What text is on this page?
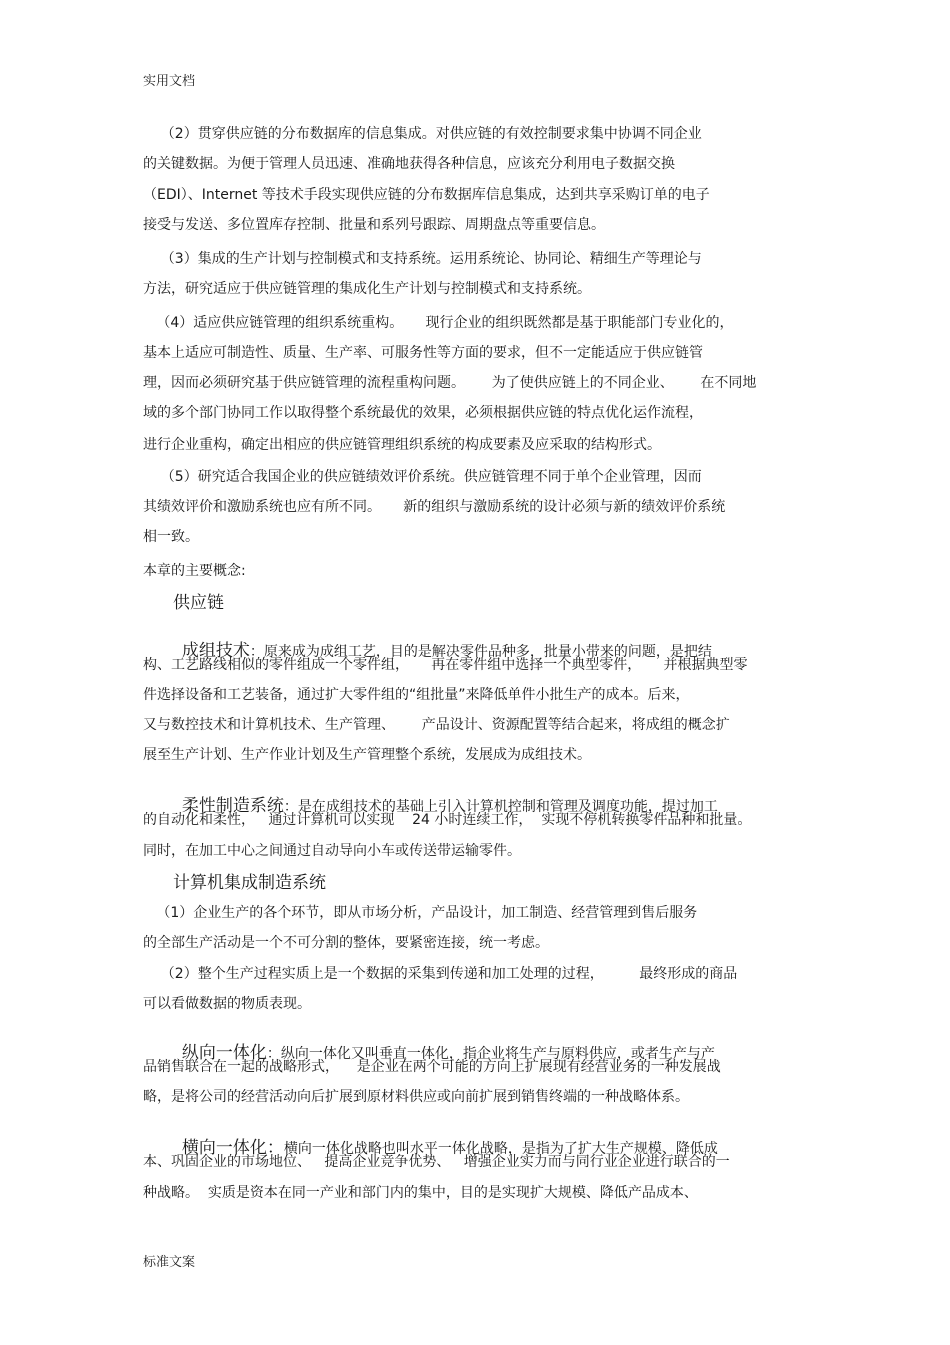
实用文档
（2）贯穿供应链的分布数据库的信息集成。对供应链的有效控制要求集中协调不同企业
的关键数据。为便于管理人员迅速、准确地获得各种信息，应该充分利用电子数据交换
（EDI）、Internet 等技术手段实现供应链的分布数据库信息集成，达到共享采购订单的电子
接受与发送、多位置库存控制、批量和系列号跟踪、周期盘点等重要信息。
（3）集成的生产计划与控制模式和支持系统。运用系统论、协同论、精细生产等理论与
方法，研究适应于供应链管理的集成化生产计划与控制模式和支持系统。
（4）适应供应链管理的组织系统重构。     现行企业的组织既然都是基于职能部门专业化的，
基本上适应可制造性、质量、生产率、可服务性等方面的要求，但不一定能适应于供应链管
理，因而必须研究基于供应链管理的流程重构问题。      为了使供应链上的不同企业、      在不同地
域的多个部门协同工作以取得整个系统最优的效果，必须根据供应链的特点优化运作流程，
进行企业重构，确定出相应的供应链管理组织系统的构成要素及应采取的结构形式。
（5）研究适合我国企业的供应链绩效评价系统。供应链管理不同于单个企业管理，因而
其绩效评价和激励系统也应有所不同。     新的组织与激励系统的设计必须与新的绩效评价系统
相一致。
本章的主要概念:
供应链

成组技术：原来成为成组工艺，目的是解决零件品种多，批量小带来的问题，是把结

构、工艺路线相似的零件组成一个零件组，     再在零件组中选择一个典型零件，     并根据典型零
件选择设备和工艺装备，通过扩大零件组的“组批量”来降低单件小批生产的成本。后来，
又与数控技术和计算机技术、生产管理、      产品设计、资源配置等结合起来，将成组的概念扩
展至生产计划、生产作业计划及生产管理整个系统，发展成为成组技术。

柔性制造系统：是在成组技术的基础上引入计算机控制和管理及调度功能，提过加工

的自动化和柔性，   通过计算机可以实现    24 小时连续工作，  实现不停机转换零件品种和批量。
同时，在加工中心之间通过自动导向小车或传送带运输零件。
计算机集成制造系统
（1）企业生产的各个环节，即从市场分析，产品设计，加工制造、经营管理到售后服务
的全部生产活动是一个不可分割的整体，要紧密连接，统一考虑。
（2）整个生产过程实质上是一个数据的采集到传递和加工处理的过程，        最终形成的商品
可以看做数据的物质表现。

纵向一体化：纵向一体化又叫垂直一体化，指企业将生产与原料供应，或者生产与产

品销售联合在一起的战略形式，    是企业在两个可能的方向上扩展现有经营业务的一种发展战
略，是将公司的经营活动向后扩展到原材料供应或向前扩展到销售终端的一种战略体系。

横向一体化：横向一体化战略也叫水平一体化战略，是指为了扩大生产规模、降低成

本、巩固企业的市场地位、   提高企业竞争优势、   增强企业实力而与同行业企业进行联合的一
种战略。  实质是资本在同一产业和部门内的集中，目的是实现扩大规模、降低产品成本、
标准文案
